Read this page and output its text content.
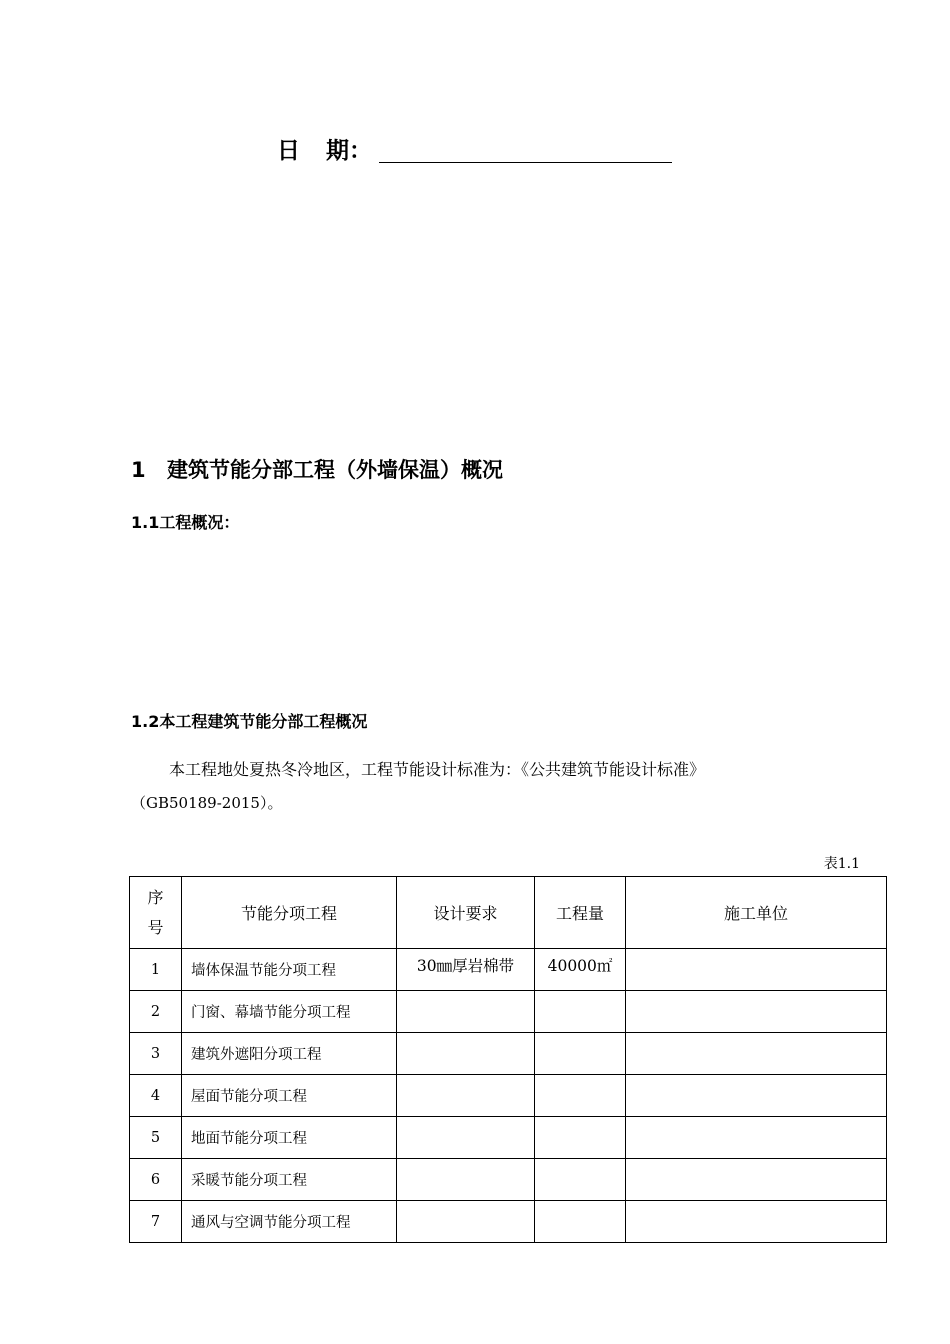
日 期：
1 建筑节能分部工程（外墙保温）概况
1.1工程概况：
1.2本工程建筑节能分部工程概况
本工程地处夏热冬冷地区，工程节能设计标准为：《公共建筑节能设计标准》
（GB50189-2015）。
表1.1
序
号	节能分项工程	设计要求	工程量	施工单位
1	墙体保温节能分项工程	30㎜厚岩棉带	40000㎡	
2	门窗、幕墙节能分项工程			
3	建筑外遮阳分项工程			
4	屋面节能分项工程			
5	地面节能分项工程			
6	采暖节能分项工程			
7	通风与空调节能分项工程			
